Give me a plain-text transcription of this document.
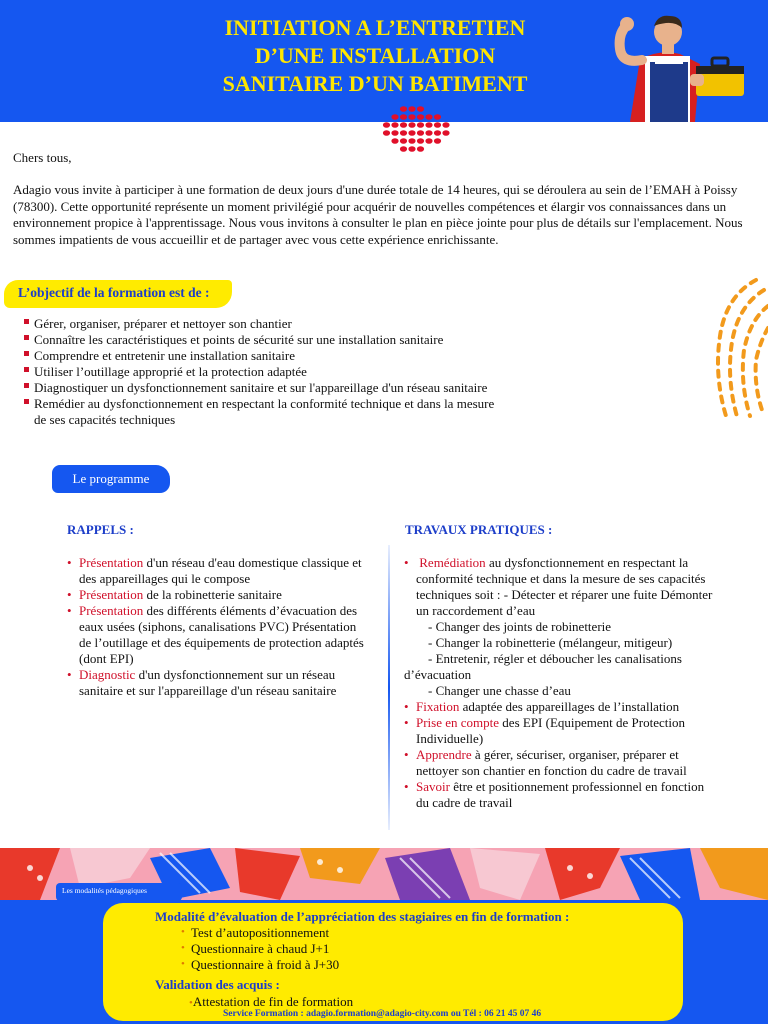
INITIATION A L’ENTRETIEN
D’UNE INSTALLATION
SANITAIRE D’UN BATIMENT

Chers tous,

Adagio vous invite à participer à une formation de deux jours d'une durée totale de 14 heures, qui se déroulera au sein de l’EMAH à Poissy (78300). Cette opportunité représente un moment privilégié pour acquérir de nouvelles compétences et élargir vos connaissances dans un environnement propice à l'apprentissage. Nous vous invitons à consulter le plan en pièce jointe pour plus de détails sur l'emplacement. Nous sommes impatients de vous accueillir et de partager avec vous cette expérience enrichissante.

L’objectif de la formation est de :
Gérer, organiser, préparer et nettoyer son chantier
Connaître les caractéristiques et points de sécurité sur une installation sanitaire
Comprendre et entretenir une installation sanitaire
Utiliser l’outillage approprié et la protection adaptée
Diagnostiquer un dysfonctionnement sanitaire et sur l'appareillage d'un réseau sanitaire
Remédier au dysfonctionnement en respectant la conformité technique et dans la mesure de ses capacités techniques
Le programme
RAPPELS :	TRAVAUX PRATIQUES :
• Présentation d'un réseau d'eau domestique classique et des appareillages qui le compose
• Présentation de la robinetterie sanitaire
• Présentation des différents éléments d’évacuation des eaux usées (siphons, canalisations PVC) Présentation de l’outillage et des équipements de protection adaptés (dont EPI)
• Diagnostic d'un dysfonctionnement sur un réseau sanitaire et sur l'appareillage d'un réseau sanitaire
• Remédiation au dysfonctionnement en respectant la conformité technique et dans la mesure de ses capacités techniques soit : - Détecter et réparer une fuite Démonter un raccordement d’eau
- Changer des joints de robinetterie
- Changer la robinetterie (mélangeur, mitigeur)
- Entretenir, régler et déboucher les canalisations
d’évacuation
- Changer une chasse d’eau
• Fixation adaptée des appareillages de l’installation
• Prise en compte des EPI (Equipement de Protection Individuelle)
• Apprendre à gérer, sécuriser, organiser, préparer et nettoyer son chantier en fonction du cadre de travail
• Savoir être et positionnement professionnel en fonction du cadre de travail
Les modalités pédagogiques
Modalité d’évaluation de l’appréciation des stagiaires en fin de formation :
• Test d’autopositionnement
• Questionnaire à chaud J+1
• Questionnaire à froid à J+30
Validation des acquis :
•Attestation de fin de formation
Service Formation : adagio.formation@adagio-city.com ou Tél : 06 21 45 07 46
